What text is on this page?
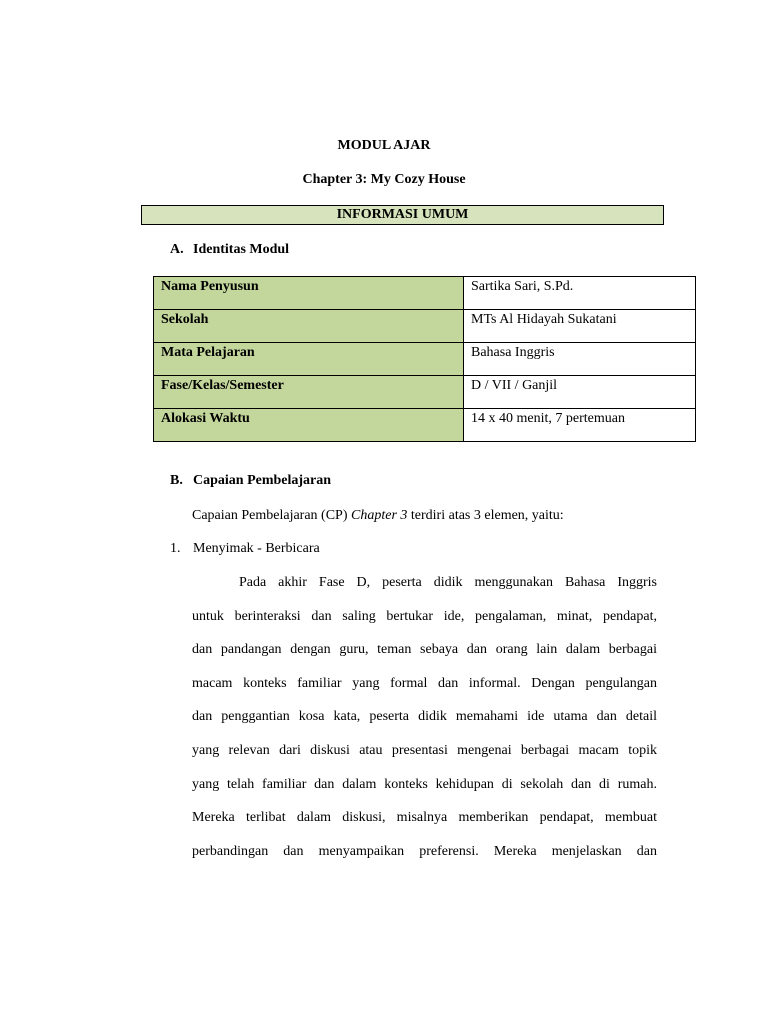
MODUL AJAR
Chapter 3: My Cozy House
INFORMASI UMUM
A. Identitas Modul
Nama Penyusun	Sartika Sari, S.Pd.
Sekolah	MTs Al Hidayah Sukatani
Mata Pelajaran	Bahasa Inggris
Fase/Kelas/Semester	D / VII / Ganjil
Alokasi Waktu	14 x 40 menit, 7 pertemuan
B. Capaian Pembelajaran
Capaian Pembelajaran (CP) Chapter 3 terdiri atas 3 elemen, yaitu:
1. Menyimak - Berbicara
Pada akhir Fase D, peserta didik menggunakan Bahasa Inggris
untuk berinteraksi dan saling bertukar ide, pengalaman, minat, pendapat,
dan pandangan dengan guru, teman sebaya dan orang lain dalam berbagai
macam konteks familiar yang formal dan informal. Dengan pengulangan
dan penggantian kosa kata, peserta didik memahami ide utama dan detail
yang relevan dari diskusi atau presentasi mengenai berbagai macam topik
yang telah familiar dan dalam konteks kehidupan di sekolah dan di rumah.
Mereka terlibat dalam diskusi, misalnya memberikan pendapat, membuat
perbandingan dan menyampaikan preferensi. Mereka menjelaskan dan
